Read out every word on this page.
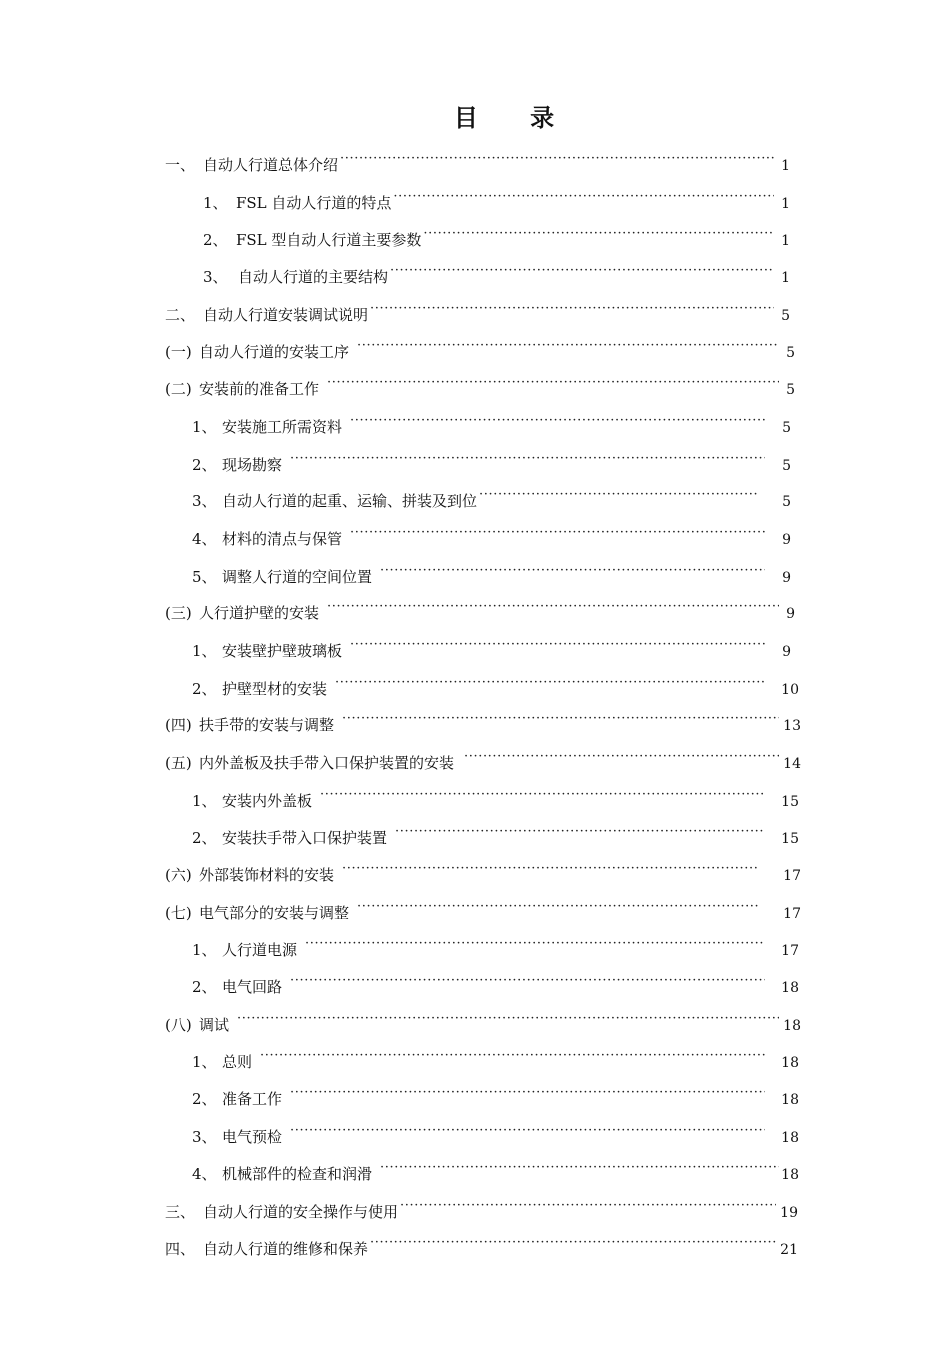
目 录
一、 自动人行道总体介绍 ·····	1
1、 FSL 自动人行道的特点 ·····	1
2、 FSL 型自动人行道主要参数 ·····	1
3、 自动人行道的主要结构 ·····	1
二、 自动人行道安装调试说明 ·····	5
(一) 自动人行道的安装工序 ·····	5
(二) 安装前的准备工作 ·····	5
1、 安装施工所需资料 ·····	5
2、 现场勘察 ·····	5
3、 自动人行道的起重、运输、拼装及到位 ·····	5
4、 材料的清点与保管 ·····	9
5、 调整人行道的空间位置 ·····	9
(三) 人行道护壁的安装 ·····	9
1、 安装壁护壁玻璃板 ·····	9
2、 护壁型材的安装 ·····	10
(四) 扶手带的安装与调整 ·····	13
(五) 内外盖板及扶手带入口保护装置的安装 ·····	14
1、 安装内外盖板 ·····	15
2、 安装扶手带入口保护装置 ·····	15
(六) 外部装饰材料的安装 ·····	17
(七) 电气部分的安装与调整 ·····	17
1、 人行道电源 ·····	17
2、 电气回路 ·····	18
(八) 调试 ·····	18
1、 总则 ·····	18
2、 准备工作 ·····	18
3、 电气预检 ·····	18
4、 机械部件的检查和润滑 ·····	18
三、 自动人行道的安全操作与使用 ·····	19
四、 自动人行道的维修和保养 ·····	21
